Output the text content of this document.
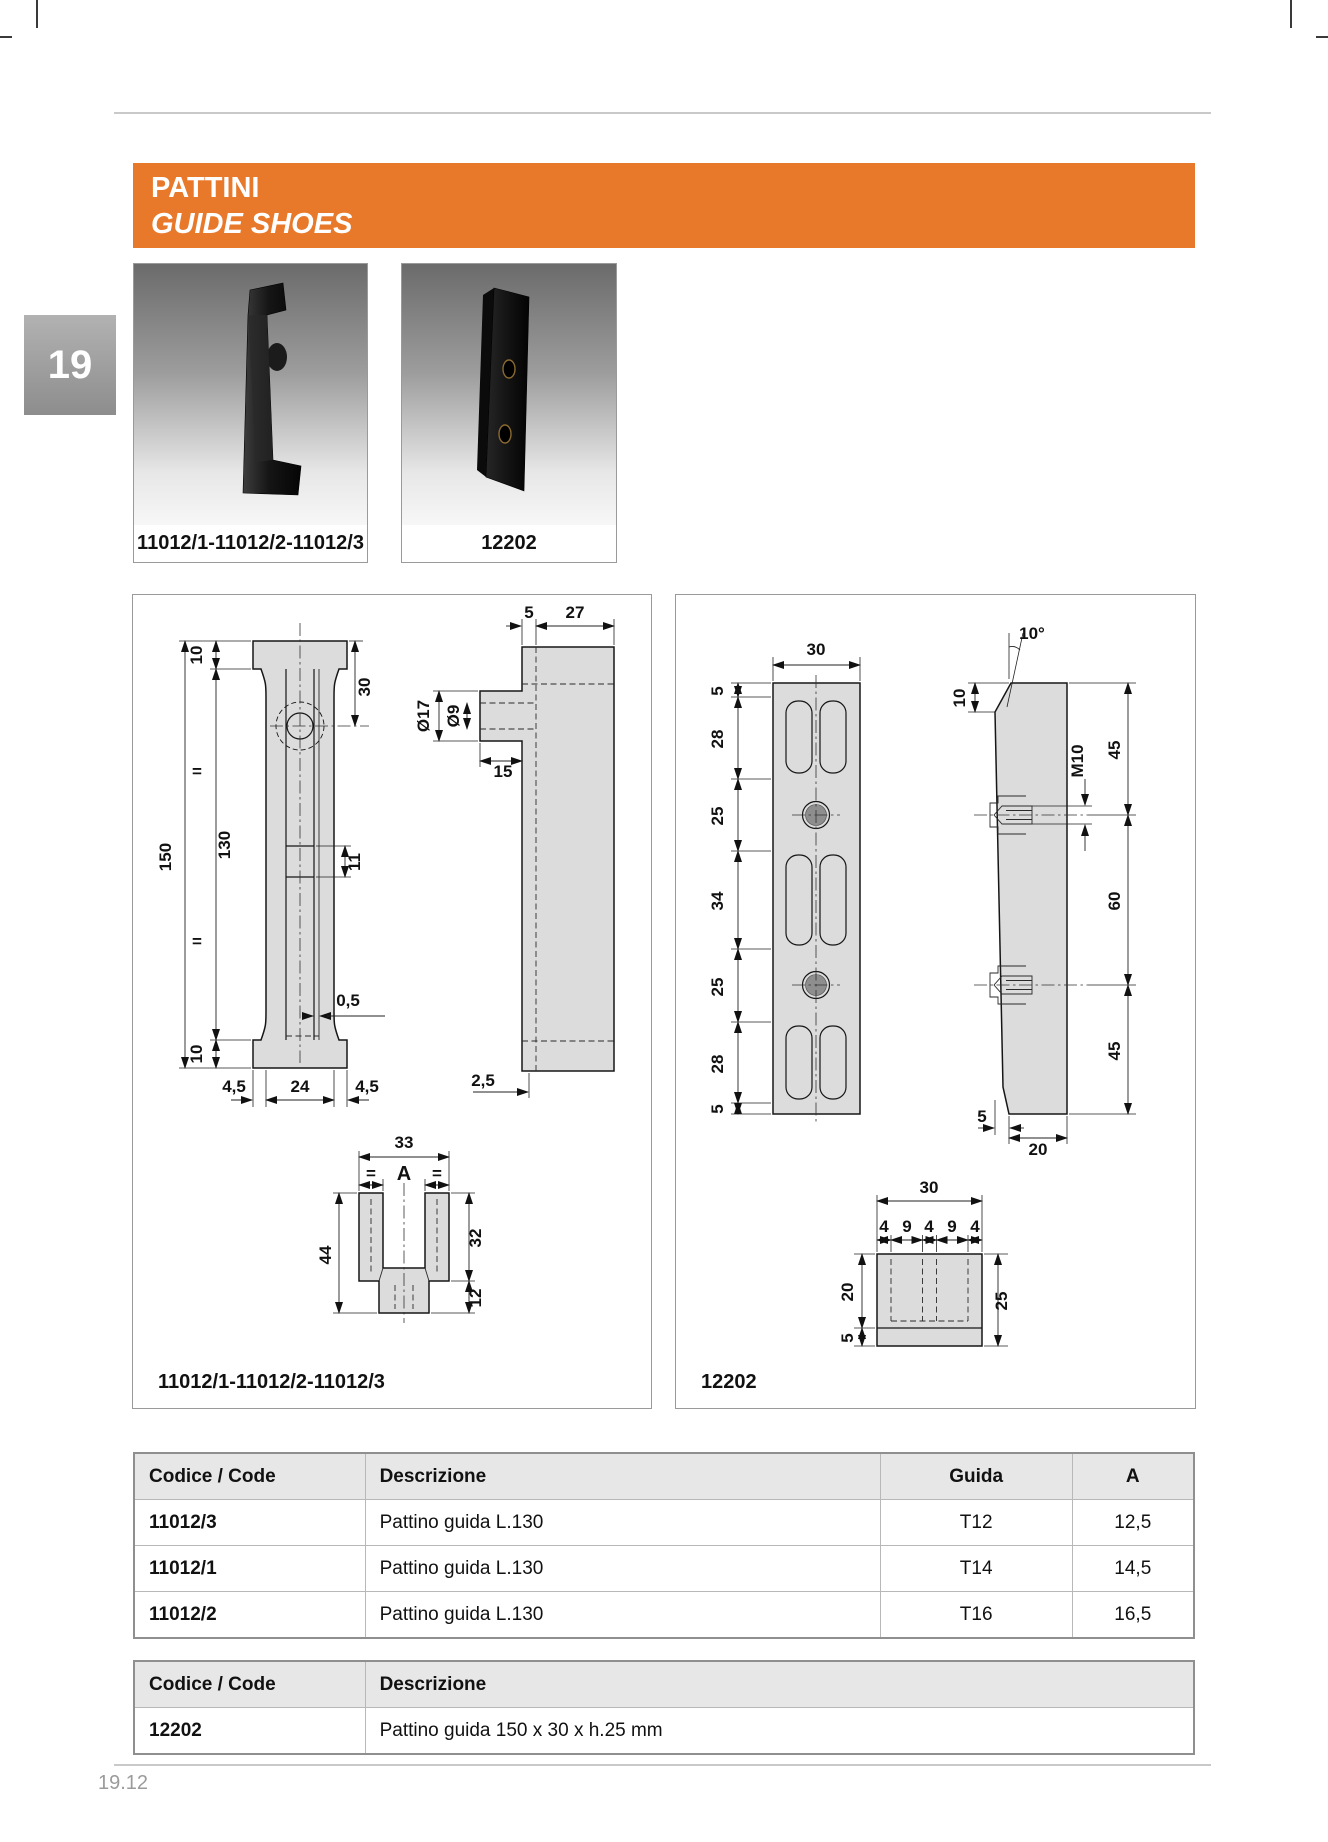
PATTINI
GUIDE SHOES
19
11012/1-11012/2-11012/3	12202
150
10
=
130
=
10
30
11
0,5
4,5	24	4,5
5 27
Ø17 Ø9
15
2,5
33
= A =
44
32
12
11012/1-11012/2-11012/3
30
5
28
25
34
25
28
5
10°
10
M10 45
60
45
5
20
30
4 9 4 9 4
20
5
25
12202
Codice / Code	Descrizione	Guida	A
11012/3	Pattino guida L.130	T12	12,5
11012/1	Pattino guida L.130	T14	14,5
11012/2	Pattino guida L.130	T16	16,5
Codice / Code	Descrizione
12202	Pattino guida 150 x 30 x h.25 mm
19.12
